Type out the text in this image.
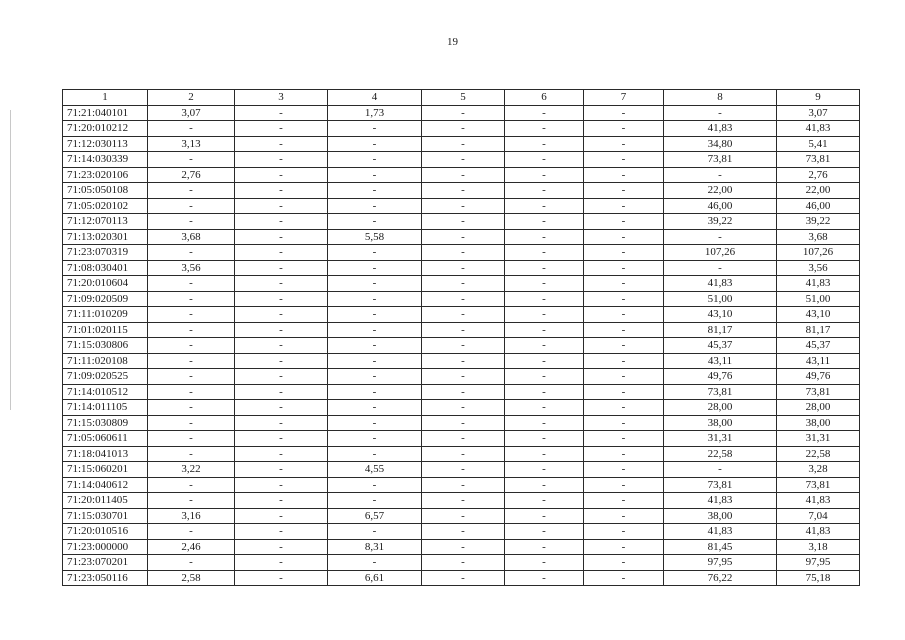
19
1	2	3	4	5	6	7	8	9
71:21:040101	3,07	-	1,73	-	-	-	-	3,07
71:20:010212	-	-	-	-	-	-	41,83	41,83
71:12:030113	3,13	-	-	-	-	-	34,80	5,41
71:14:030339	-	-	-	-	-	-	73,81	73,81
71:23:020106	2,76	-	-	-	-	-	-	2,76
71:05:050108	-	-	-	-	-	-	22,00	22,00
71:05:020102	-	-	-	-	-	-	46,00	46,00
71:12:070113	-	-	-	-	-	-	39,22	39,22
71:13:020301	3,68	-	5,58	-	-	-	-	3,68
71:23:070319	-	-	-	-	-	-	107,26	107,26
71:08:030401	3,56	-	-	-	-	-	-	3,56
71:20:010604	-	-	-	-	-	-	41,83	41,83
71:09:020509	-	-	-	-	-	-	51,00	51,00
71:11:010209	-	-	-	-	-	-	43,10	43,10
71:01:020115	-	-	-	-	-	-	81,17	81,17
71:15:030806	-	-	-	-	-	-	45,37	45,37
71:11:020108	-	-	-	-	-	-	43,11	43,11
71:09:020525	-	-	-	-	-	-	49,76	49,76
71:14:010512	-	-	-	-	-	-	73,81	73,81
71:14:011105	-	-	-	-	-	-	28,00	28,00
71:15:030809	-	-	-	-	-	-	38,00	38,00
71:05:060611	-	-	-	-	-	-	31,31	31,31
71:18:041013	-	-	-	-	-	-	22,58	22,58
71:15:060201	3,22	-	4,55	-	-	-	-	3,28
71:14:040612	-	-	-	-	-	-	73,81	73,81
71:20:011405	-	-	-	-	-	-	41,83	41,83
71:15:030701	3,16	-	6,57	-	-	-	38,00	7,04
71:20:010516	-	-	-	-	-	-	41,83	41,83
71:23:000000	2,46	-	8,31	-	-	-	81,45	3,18
71:23:070201	-	-	-	-	-	-	97,95	97,95
71:23:050116	2,58	-	6,61	-	-	-	76,22	75,18
